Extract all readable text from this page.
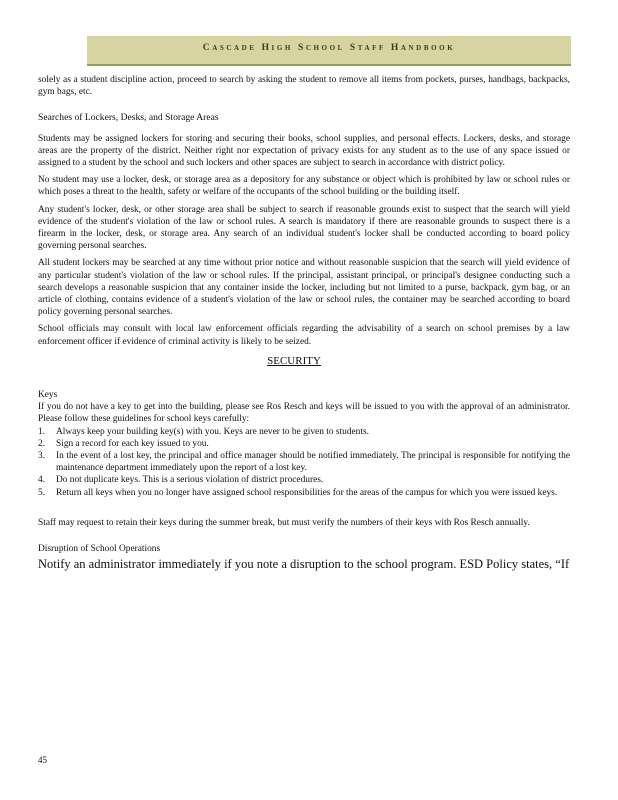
Cascade High School Staff Handbook

solely as a student discipline action, proceed to search by asking the student to remove all items from pockets, purses, handbags, backpacks, gym bags, etc.

Searches of Lockers, Desks, and Storage Areas

Students may be assigned lockers for storing and securing their books, school supplies, and personal effects. Lockers, desks, and storage areas are the property of the district. Neither right nor expectation of privacy exists for any student as to the use of any space issued or assigned to a student by the school and such lockers and other spaces are subject to search in accordance with district policy.

No student may use a locker, desk, or storage area as a depository for any substance or object which is prohibited by law or school rules or which poses a threat to the health, safety or welfare of the occupants of the school building or the building itself.

Any student's locker, desk, or other storage area shall be subject to search if reasonable grounds exist to suspect that the search will yield evidence of the student's violation of the law or school rules. A search is mandatory if there are reasonable grounds to suspect there is a firearm in the locker, desk, or storage area. Any search of an individual student's locker shall be conducted according to board policy governing personal searches.

All student lockers may be searched at any time without prior notice and without reasonable suspicion that the search will yield evidence of any particular student's violation of the law or school rules. If the principal, assistant principal, or principal's designee conducting such a search develops a reasonable suspicion that any container inside the locker, including but not limited to a purse, backpack, gym bag, or an article of clothing, contains evidence of a student's violation of the law or school rules, the container may be searched according to board policy governing personal searches.

School officials may consult with local law enforcement officials regarding the advisability of a search on school premises by a law enforcement officer if evidence of criminal activity is likely to be seized.

SECURITY

Keys

If you do not have a key to get into the building, please see Ros Resch and keys will be issued to you with the approval of an administrator. Please follow these guidelines for school keys carefully:

1. Always keep your building key(s) with you. Keys are never to be given to students.
2. Sign a record for each key issued to you.
3. In the event of a lost key, the principal and office manager should be notified immediately. The principal is responsible for notifying the maintenance department immediately upon the report of a lost key.
4. Do not duplicate keys. This is a serious violation of district procedures.
5. Return all keys when you no longer have assigned school responsibilities for the areas of the campus for which you were issued keys.

Staff may request to retain their keys during the summer break, but must verify the numbers of their keys with Ros Resch annually.

Disruption of School Operations

Notify an administrator immediately if you note a disruption to the school program. ESD Policy states, “If

45
